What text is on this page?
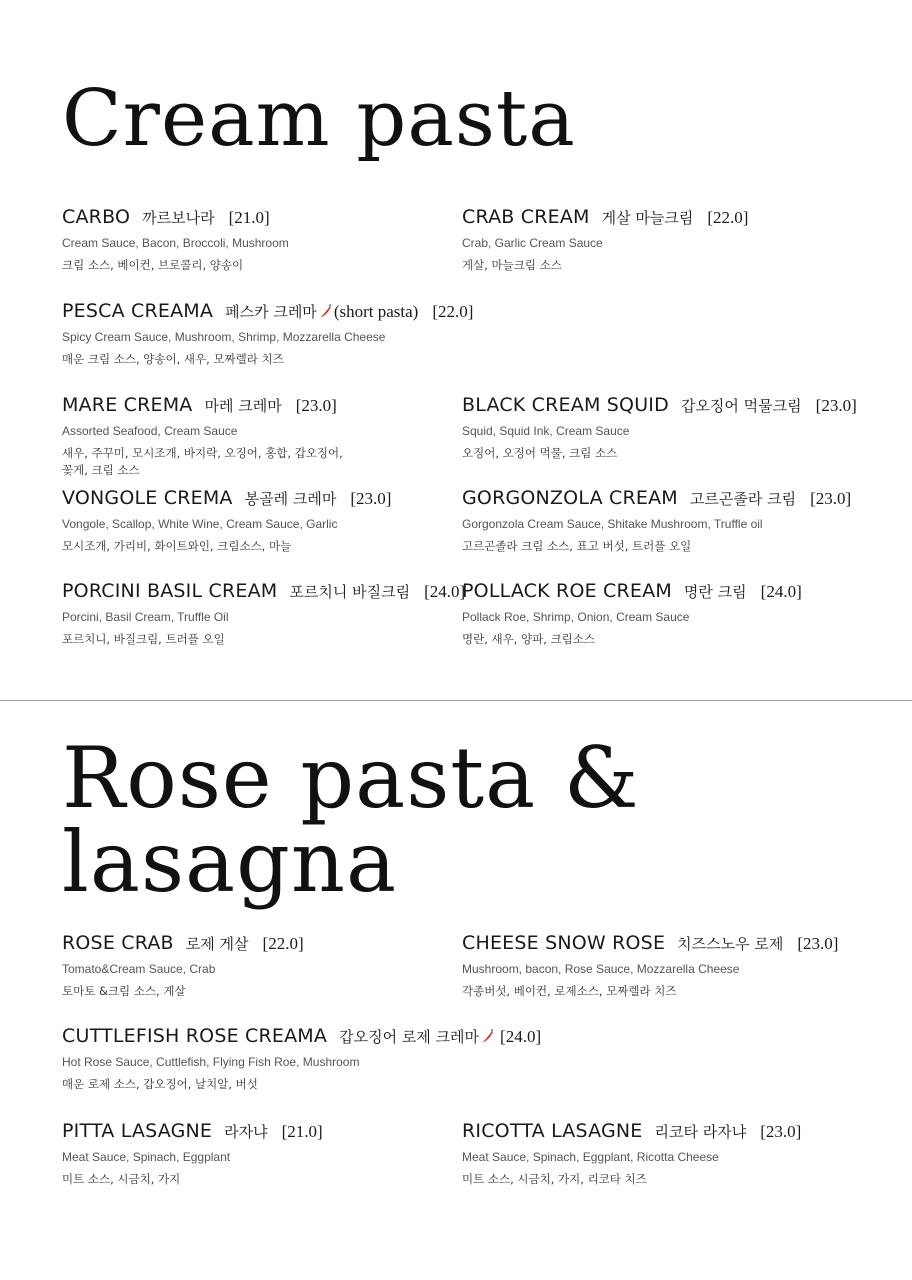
Cream pasta
CARBO 까르보나라 [21.0]
Cream Sauce, Bacon, Broccoli, Mushroom
크림 소스, 베이컨, 브로콜리, 양송이
CRAB CREAM 게살 마늘크림 [22.0]
Crab, Garlic Cream Sauce
게살, 마늘크림 소스
PESCA CREAMA 페스카 크레마 (short pasta) [22.0]
Spicy Cream Sauce, Mushroom, Shrimp, Mozzarella Cheese
매운 크림 소스, 양송이, 새우, 모짜렐라 치즈
MARE CREMA 마레 크레마 [23.0]
Assorted Seafood, Cream Sauce
새우, 주꾸미, 모시조개, 바지락, 오징어, 홍합, 갑오징어,
꽃게, 크림 소스
BLACK CREAM SQUID 갑오징어 먹물크림 [23.0]
Squid, Squid Ink, Cream Sauce
오징어, 오징어 먹물, 크림 소스
VONGOLE CREMA 봉골레 크레마 [23.0]
Vongole, Scallop, White Wine, Cream Sauce, Garlic
모시조개, 가리비, 화이트와인, 크림소스, 마늘
GORGONZOLA CREAM 고르곤졸라 크림 [23.0]
Gorgonzola Cream Sauce, Shitake Mushroom, Truffle oil
고르곤졸라 크림 소스, 표고 버섯, 트러플 오일
PORCINI BASIL CREAM 포르치니 바질크림 [24.0]
Porcini, Basil Cream, Truffle Oil
포르치니, 바질크림, 트러플 오일
POLLACK ROE CREAM 명란 크림 [24.0]
Pollack Roe, Shrimp, Onion, Cream Sauce
명란, 새우, 양파, 크림소스
Rose pasta &
lasagna
ROSE CRAB 로제 게살 [22.0]
Tomato&Cream Sauce, Crab
토마토 &크림 소스, 게살
CHEESE SNOW ROSE 치즈스노우 로제 [23.0]
Mushroom, bacon, Rose Sauce, Mozzarella Cheese
각종버섯, 베이컨, 로제소스, 모짜렐라 치즈
CUTTLEFISH ROSE CREAMA 갑오징어 로제 크레마 [24.0]
Hot Rose Sauce, Cuttlefish, Flying Fish Roe, Mushroom
매운 로제 소스, 갑오징어, 날치알, 버섯
PITTA LASAGNE 라자냐 [21.0]
Meat Sauce, Spinach, Eggplant
미트 소스, 시금치, 가지
RICOTTA LASAGNE 리코타 라자냐 [23.0]
Meat Sauce, Spinach, Eggplant, Ricotta Cheese
미트 소스, 시금치, 가지, 리코타 치즈
